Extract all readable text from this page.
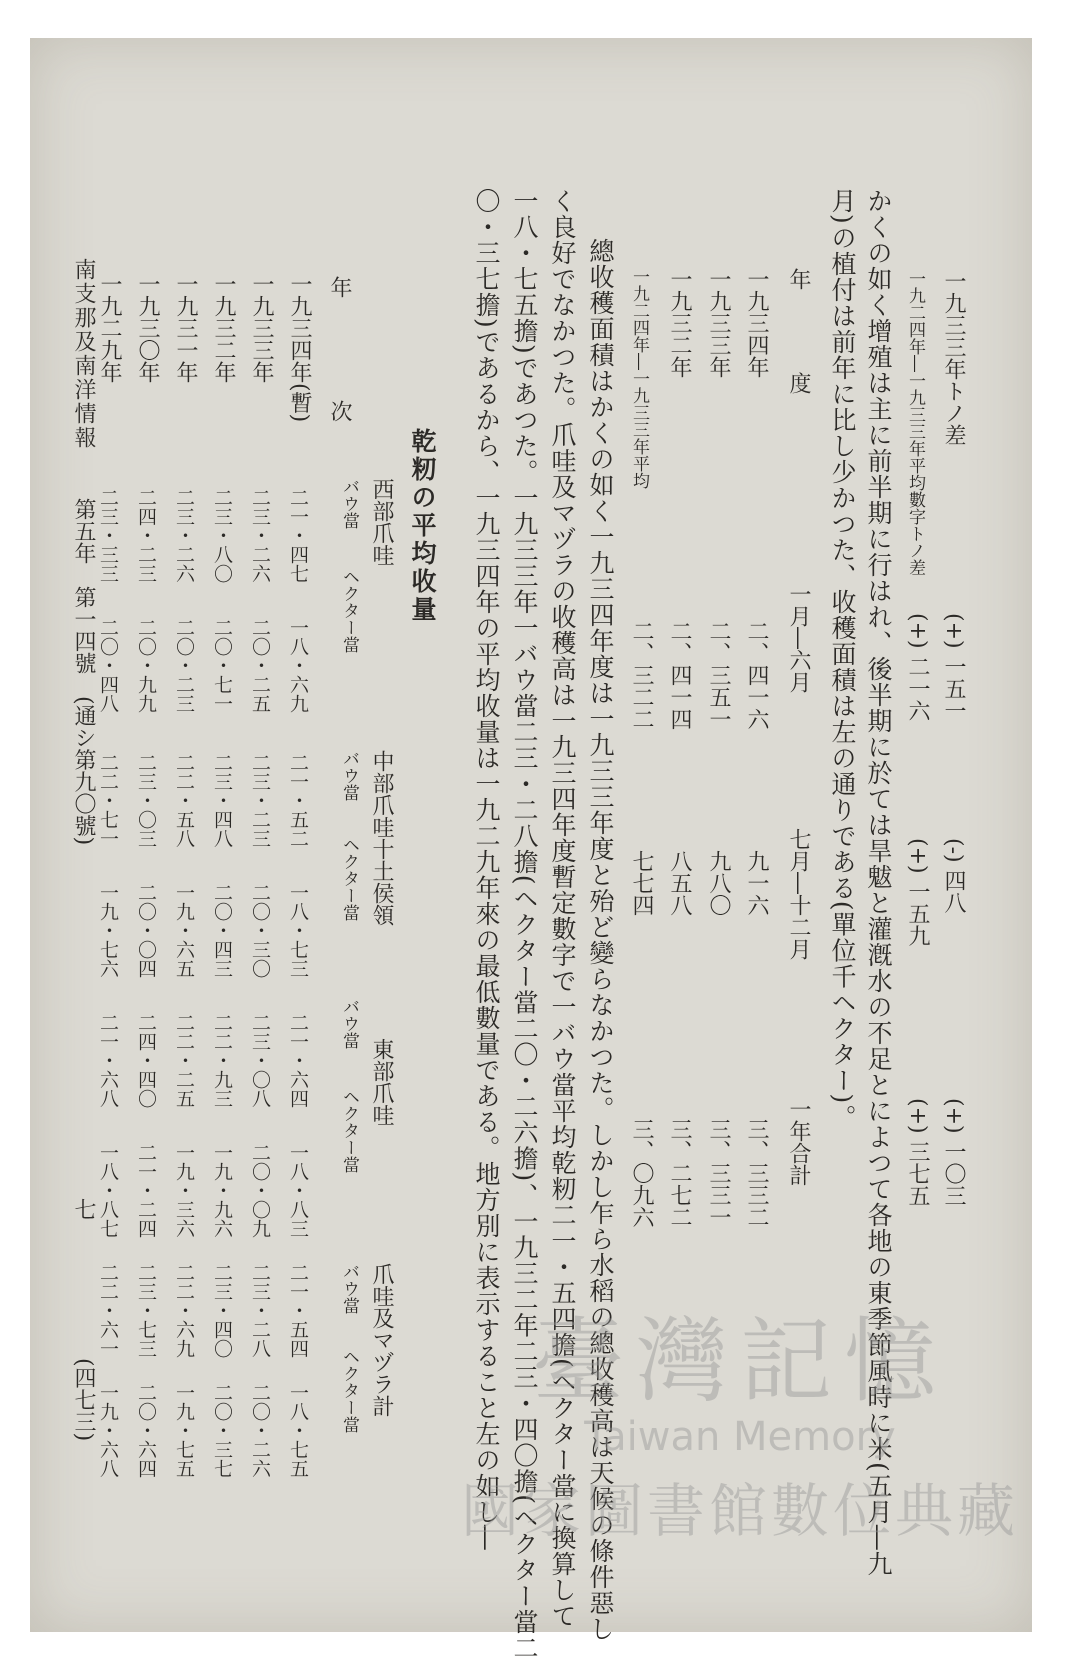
一九三三年トノ差
(+) 一五一
(-) 四八
(+) 一〇三
一九二四年―一九三三年平均數字トノ差
(+) 二一六
(+) 一五九
(+) 三七五
かくの如く增殖は主に前半期に行はれ、後半期に於ては旱魃と灌漑水の不足とによつて各地の東季節風時に米(五月―九
月)の植付は前年に比し少かつた、收穫面積は左の通りである(單位千ヘクター)。
年　度
一月―六月
七月―十二月
一年合計
一九三四年
二、四一六
九一六
三、三三二
一九三三年
二、三五一
九八〇
三、三三一
一九三二年
二、四一四
八五八
三、二七二
一九二四年―一九三三年平均
二、三二二
七七四
三、〇九六
總收穫面積はかくの如く一九三四年度は一九三三年度と殆ど變らなかつた。しかし乍ら水稻の總收穫高は天候の條件惡し
く良好でなかつた。爪哇及マヅラの收穫高は一九三四年度暫定數字で一バウ當平均乾籾二一・五四擔(ヘクター當に換算して
一八・七五擔)であつた。一九三三年一バウ當二三・二八擔(ヘクター當二〇・二六擔)、一九三二年二三・四〇擔(ヘクター當二
〇・三七擔)であるから、一九三四年の平均收量は一九二九年來の最低數量である。地方別に表示すること左の如し―
乾籾の平均收量
年　次
西部爪哇
バウ當
ヘクター當
中部爪哇十土侯領
バウ當
ヘクター當
東部爪哇
バウ當
ヘクター當
爪哇及マヅラ計
バウ當
ヘクター當
一九三四年(暫)
二一・四七
一八・六九
二一・五二
一八・七三
二一・六四
一八・八三
二一・五四
一八・七五
一九三三年
二三・二六
二〇・二五
二三・二三
二〇・三〇
二三・〇八
二〇・〇九
二三・二八
二〇・二六
一九三二年
二三・八〇
二〇・七一
二三・四八
二〇・四三
二二・九三
一九・九六
二三・四〇
二〇・三七
一九三一年
二三・二六
二〇・二三
二二・五八
一九・六五
二二・二五
一九・三六
二二・六九
一九・七五
一九三〇年
二四・二三
二〇・九九
二三・〇三
二〇・〇四
二四・四〇
二一・二四
二三・七三
二〇・六四
一九二九年
二三・三三
二〇・四八
二二・七一
一九・七六
二一・六八
一八・八七
二二・六一
一九・六八
南支那及南洋情報
第五年　第一四號　(通シ第九〇號)
七
(四七三)	臺灣記憶
Taiwan Memory
國家圖書館數位典藏
